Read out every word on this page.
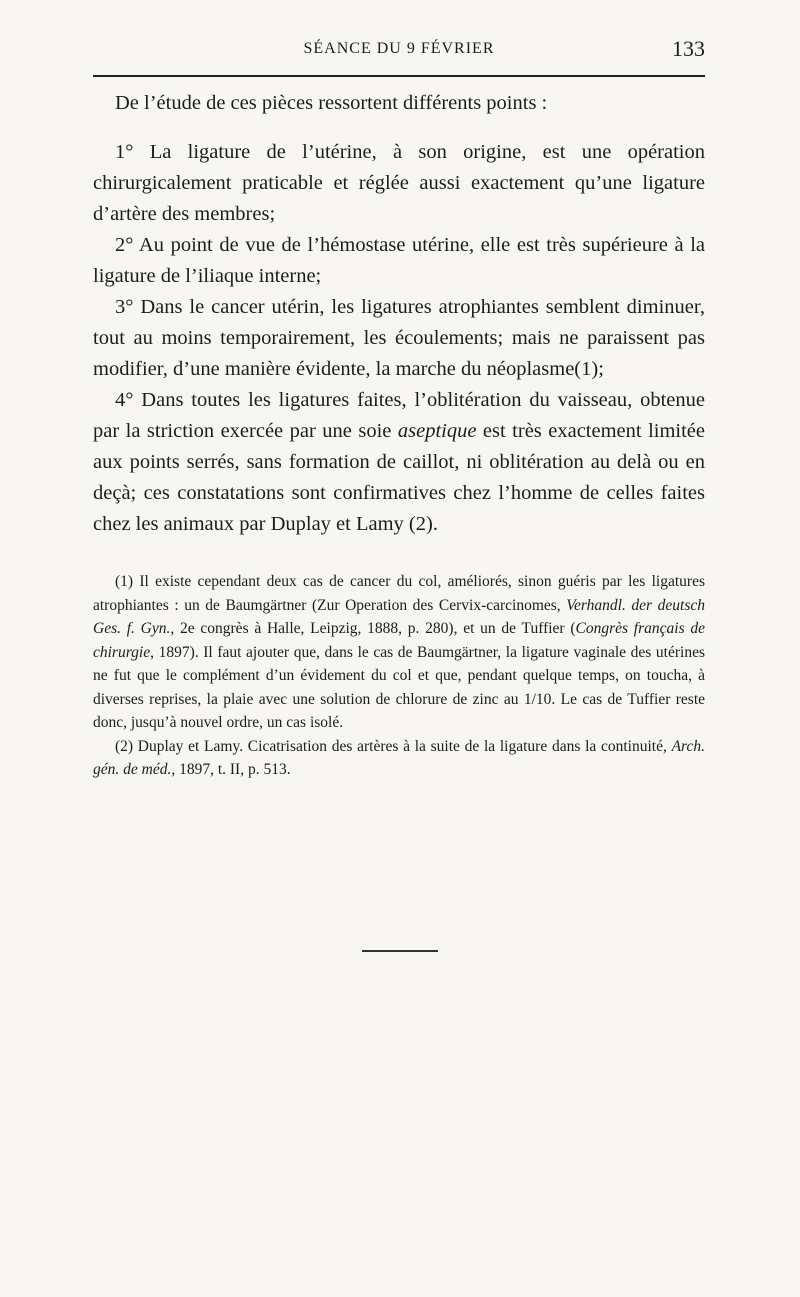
SÉANCE DU 9 FÉVRIER	133

De l’étude de ces pièces ressortent différents points :

1° La ligature de l’utérine, à son origine, est une opération chirurgicalement praticable et réglée aussi exactement qu’une ligature d’artère des membres;

2° Au point de vue de l’hémostase utérine, elle est très supérieure à la ligature de l’iliaque interne;

3° Dans le cancer utérin, les ligatures atrophiantes semblent diminuer, tout au moins temporairement, les écoulements; mais ne paraissent pas modifier, d’une manière évidente, la marche du néoplasme(1);

4° Dans toutes les ligatures faites, l’oblitération du vaisseau, obtenue par la striction exercée par une soie aseptique est très exactement limitée aux points serrés, sans formation de caillot, ni oblitération au delà ou en deçà; ces constatations sont confirmatives chez l’homme de celles faites chez les animaux par Duplay et Lamy (2).

(1) Il existe cependant deux cas de cancer du col, améliorés, sinon guéris par les ligatures atrophiantes : un de Baumgärtner (Zur Operation des Cervix-carcinomes, Verhandl. der deutsch Ges. f. Gyn., 2e congrès à Halle, Leipzig, 1888, p. 280), et un de Tuffier (Congrès français de chirurgie, 1897). Il faut ajouter que, dans le cas de Baumgärtner, la ligature vaginale des utérines ne fut que le complément d’un évidement du col et que, pendant quelque temps, on toucha, à diverses reprises, la plaie avec une solution de chlorure de zinc au 1/10. Le cas de Tuffier reste donc, jusqu’à nouvel ordre, un cas isolé.

(2) Duplay et Lamy. Cicatrisation des artères à la suite de la ligature dans la continuité, Arch. gén. de méd., 1897, t. II, p. 513.
